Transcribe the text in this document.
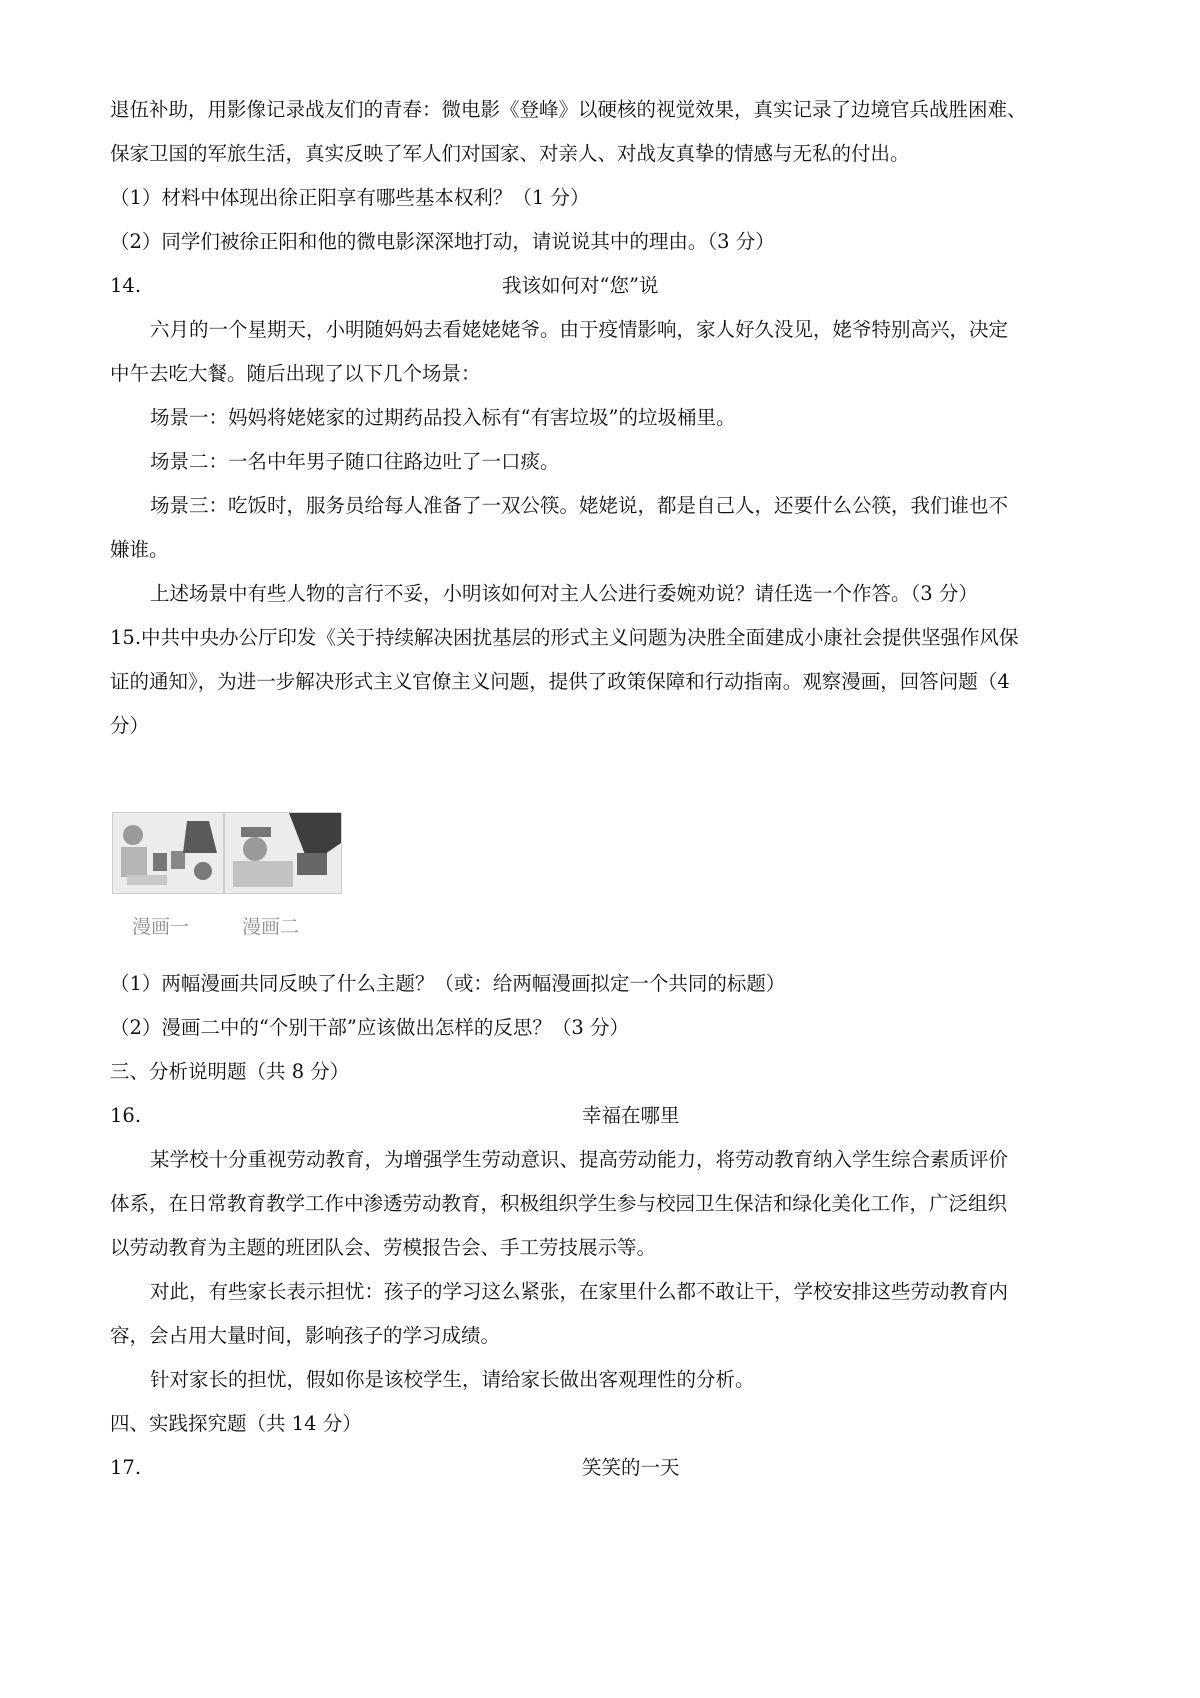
退伍补助，用影像记录战友们的青春：微电影《登峰》以硬核的视觉效果，真实记录了边境官兵战胜困难、
保家卫国的军旅生活，真实反映了军人们对国家、对亲人、对战友真挚的情感与无私的付出。
（1）材料中体现出徐正阳享有哪些基本权利？（1 分）
（2）同学们被徐正阳和他的微电影深深地打动，请说说其中的理由。（3 分）
14.	我该如何对“您”说
六月的一个星期天，小明随妈妈去看姥姥姥爷。由于疫情影响，家人好久没见，姥爷特别高兴，决定
中午去吃大餐。随后出现了以下几个场景：
场景一：妈妈将姥姥家的过期药品投入标有“有害垃圾”的垃圾桶里。
场景二：一名中年男子随口往路边吐了一口痰。
场景三：吃饭时，服务员给每人准备了一双公筷。姥姥说，都是自己人，还要什么公筷，我们谁也不
嫌谁。
上述场景中有些人物的言行不妥，小明该如何对主人公进行委婉劝说？请任选一个作答。（3 分）
15.中共中央办公厅印发《关于持续解决困扰基层的形式主义问题为决胜全面建成小康社会提供坚强作风保
证的通知》，为进一步解决形式主义官僚主义问题，提供了政策保障和行动指南。观察漫画，回答问题（4
分）
漫画一	漫画二
（1）两幅漫画共同反映了什么主题？（或：给两幅漫画拟定一个共同的标题）
（2）漫画二中的“个别干部”应该做出怎样的反思？（3 分）
三、分析说明题（共 8 分）
16.	幸福在哪里
某学校十分重视劳动教育，为增强学生劳动意识、提高劳动能力，将劳动教育纳入学生综合素质评价
体系，在日常教育教学工作中渗透劳动教育，积极组织学生参与校园卫生保洁和绿化美化工作，广泛组织
以劳动教育为主题的班团队会、劳模报告会、手工劳技展示等。
对此，有些家长表示担忧：孩子的学习这么紧张，在家里什么都不敢让干，学校安排这些劳动教育内
容，会占用大量时间，影响孩子的学习成绩。
针对家长的担忧，假如你是该校学生，请给家长做出客观理性的分析。
四、实践探究题（共 14 分）
17.	笑笑的一天
